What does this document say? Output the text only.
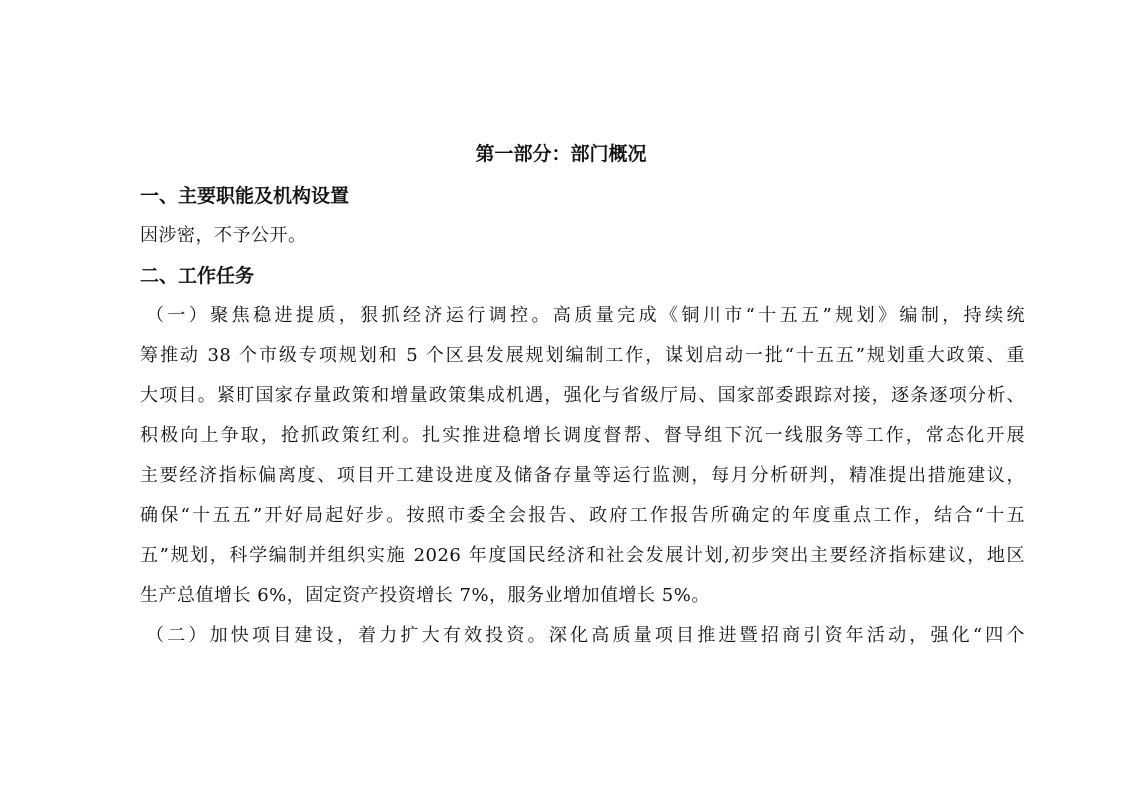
第一部分：部门概况
一、主要职能及机构设置
因涉密，不予公开。
二、工作任务
（一）聚焦稳进提质，狠抓经济运行调控。高质量完成《铜川市“十五五”规划》编制，持续统
筹推动 38 个市级专项规划和 5 个区县发展规划编制工作，谋划启动一批“十五五”规划重大政策、重
大项目。紧盯国家存量政策和增量政策集成机遇，强化与省级厅局、国家部委跟踪对接，逐条逐项分析、
积极向上争取，抢抓政策红利。扎实推进稳增长调度督帮、督导组下沉一线服务等工作，常态化开展
主要经济指标偏离度、项目开工建设进度及储备存量等运行监测，每月分析研判，精准提出措施建议，
确保“十五五”开好局起好步。按照市委全会报告、政府工作报告所确定的年度重点工作，结合“十五
五”规划，科学编制并组织实施 2026 年度国民经济和社会发展计划,初步突出主要经济指标建议，地区
生产总值增长 6%，固定资产投资增长 7%，服务业增加值增长 5%。
（二）加快项目建设，着力扩大有效投资。深化高质量项目推进暨招商引资年活动，强化“四个
